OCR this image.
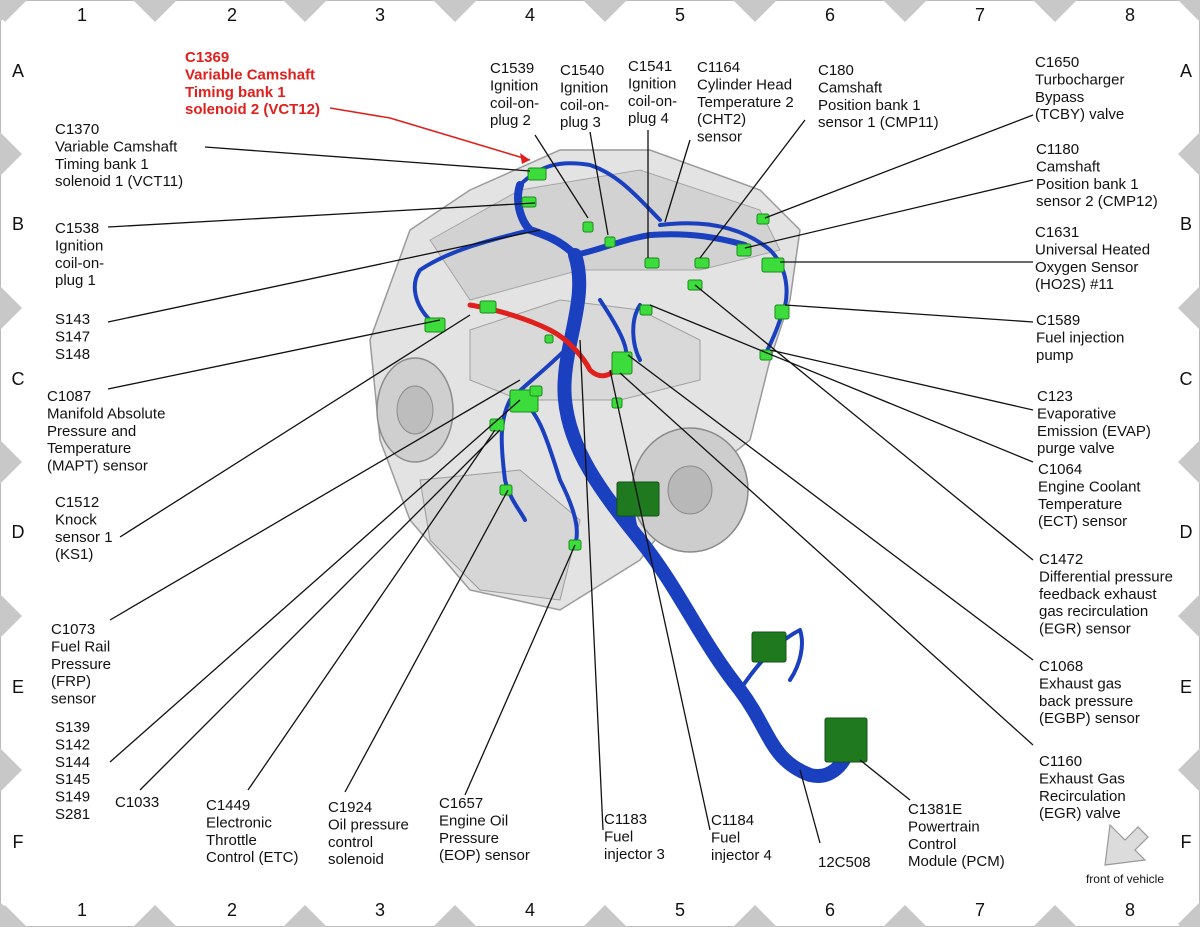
1
1
2
2
3
3
4
4
5
5
6
6
7
7
8
8
A	A
B	B
C	C
D	D
E	E
F	F
C1369 Variable Camshaft Timing bank 1 solenoid 2 (VCT12)
C1370 Variable Camshaft Timing bank 1 solenoid 1 (VCT11)
C1538 Ignition coil-on-plug 1
S143 S147 S148
C1087 Manifold Absolute Pressure and Temperature (MAPT) sensor
C1512 Knock sensor 1 (KS1)
C1073 Fuel Rail Pressure (FRP) sensor
S139 S142 S144 S145 S149 S281
C1033	C1449 Electronic Throttle Control (ETC)
C1924 Oil pressure control solenoid
C1657 Engine Oil Pressure (EOP) sensor
C1183 Fuel injector 3
C1184 Fuel injector 4	12C508
C1381E Powertrain Control Module (PCM)
C1539 Ignition coil-on-plug 2
C1540 Ignition coil-on-plug 3
C1541 Ignition coil-on-plug 4
C1164 Cylinder Head Temperature 2 (CHT2) sensor
C180 Camshaft Position bank 1 sensor 1 (CMP11)
C1650 Turbocharger Bypass (TCBY) valve
C1180 Camshaft Position bank 1 sensor 2 (CMP12)
C1631 Universal Heated Oxygen Sensor (HO2S) #11
C1589 Fuel injection pump
C123 Evaporative Emission (EVAP) purge valve
C1064 Engine Coolant Temperature (ECT) sensor
C1472 Differential pressure feedback exhaust gas recirculation (EGR) sensor
C1068 Exhaust gas back pressure (EGBP) sensor
C1160 Exhaust Gas Recirculation (EGR) valve
front of vehicle
